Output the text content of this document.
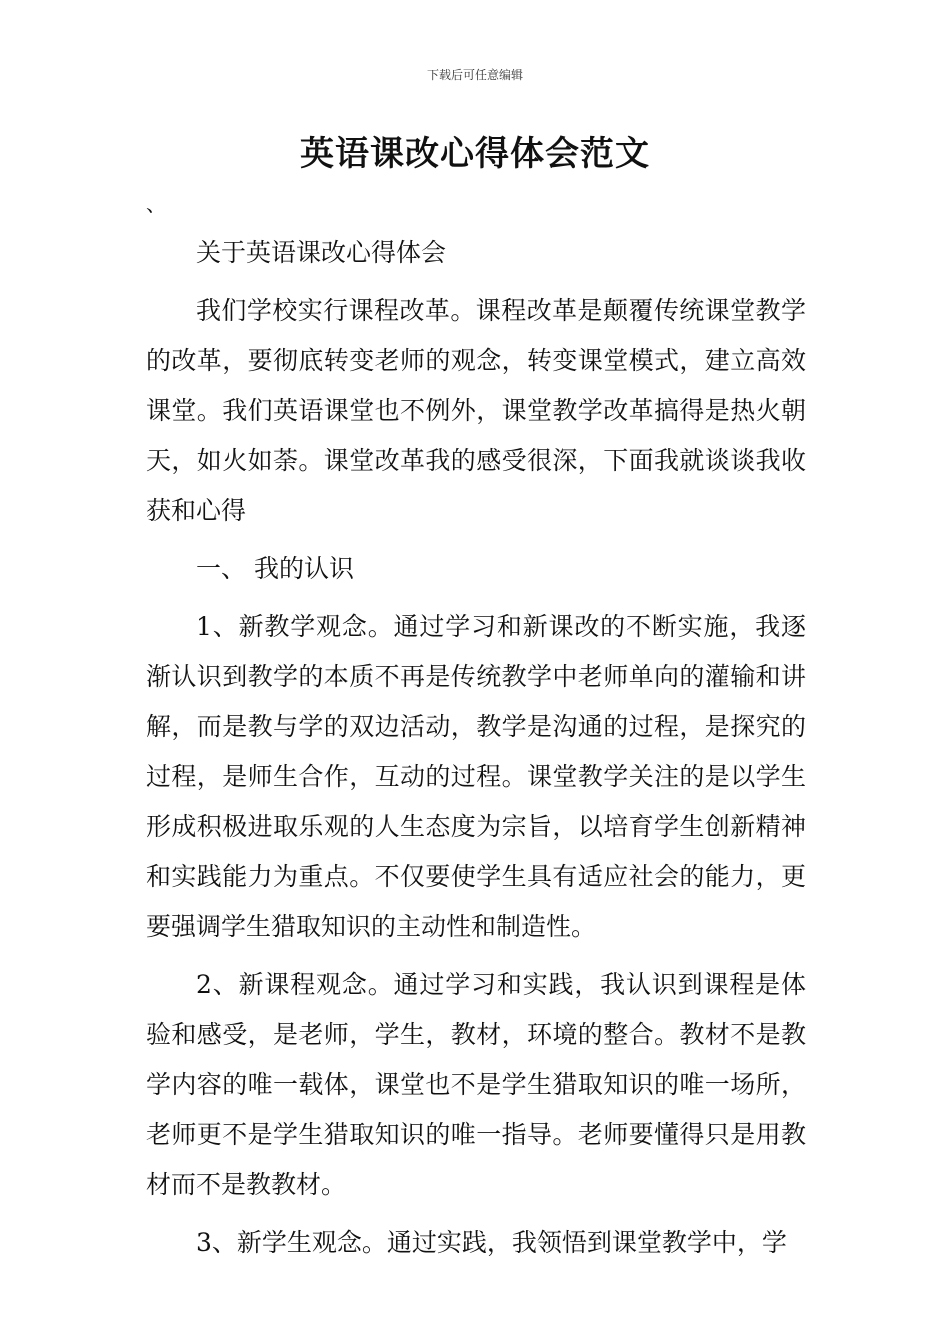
下载后可任意编辑
英语课改心得体会范文
、

关于英语课改心得体会

我们学校实行课程改革。课程改革是颠覆传统课堂教学的改革，要彻底转变老师的观念，转变课堂模式，建立高效课堂。我们英语课堂也不例外，课堂教学改革搞得是热火朝天，如火如荼。课堂改革我的感受很深，下面我就谈谈我收获和心得

一、 我的认识

1、新教学观念。通过学习和新课改的不断实施，我逐渐认识到教学的本质不再是传统教学中老师单向的灌输和讲解，而是教与学的双边活动，教学是沟通的过程，是探究的过程，是师生合作，互动的过程。课堂教学关注的是以学生形成积极进取乐观的人生态度为宗旨，以培育学生创新精神和实践能力为重点。不仅要使学生具有适应社会的能力，更要强调学生猎取知识的主动性和制造性。

2、新课程观念。通过学习和实践，我认识到课程是体验和感受，是老师，学生，教材，环境的整合。教材不是教学内容的唯一载体，课堂也不是学生猎取知识的唯一场所，老师更不是学生猎取知识的唯一指导。老师要懂得只是用教材而不是教教材。

3、新学生观念。通过实践，我领悟到课堂教学中，学
